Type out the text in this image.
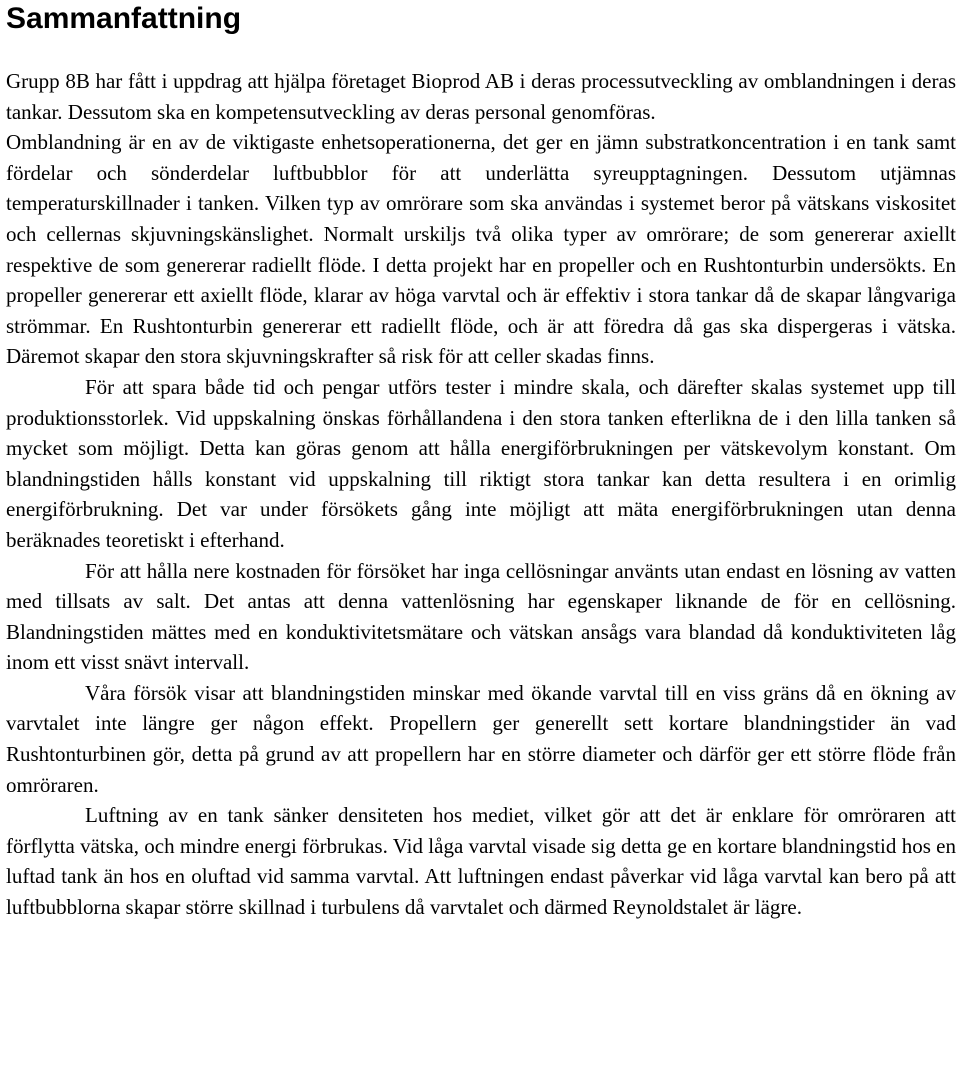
Sammanfattning

Grupp 8B har fått i uppdrag att hjälpa företaget Bioprod AB i deras processutveckling av omblandningen i deras tankar. Dessutom ska en kompetensutveckling av deras personal genomföras.

Omblandning är en av de viktigaste enhetsoperationerna, det ger en jämn substratkoncentration i en tank samt fördelar och sönderdelar luftbubblor för att underlätta syreupptagningen. Dessutom utjämnas temperaturskillnader i tanken. Vilken typ av omrörare som ska användas i systemet beror på vätskans viskositet och cellernas skjuvningskänslighet. Normalt urskiljs två olika typer av omrörare; de som genererar axiellt respektive de som genererar radiellt flöde. I detta projekt har en propeller och en Rushtonturbin undersökts. En propeller genererar ett axiellt flöde, klarar av höga varvtal och är effektiv i stora tankar då de skapar långvariga strömmar. En Rushtonturbin genererar ett radiellt flöde, och är att föredra då gas ska dispergeras i vätska. Däremot skapar den stora skjuvningskrafter så risk för att celler skadas finns.

För att spara både tid och pengar utförs tester i mindre skala, och därefter skalas systemet upp till produktionsstorlek. Vid uppskalning önskas förhållandena i den stora tanken efterlikna de i den lilla tanken så mycket som möjligt. Detta kan göras genom att hålla energiförbrukningen per vätskevolym konstant. Om blandningstiden hålls konstant vid uppskalning till riktigt stora tankar kan detta resultera i en orimlig energiförbrukning. Det var under försökets gång inte möjligt att mäta energiförbrukningen utan denna beräknades teoretiskt i efterhand.

För att hålla nere kostnaden för försöket har inga cellösningar använts utan endast en lösning av vatten med tillsats av salt. Det antas att denna vattenlösning har egenskaper liknande de för en cellösning. Blandningstiden mättes med en konduktivitetsmätare och vätskan ansågs vara blandad då konduktiviteten låg inom ett visst snävt intervall.

Våra försök visar att blandningstiden minskar med ökande varvtal till en viss gräns då en ökning av varvtalet inte längre ger någon effekt. Propellern ger generellt sett kortare blandningstider än vad Rushtonturbinen gör, detta på grund av att propellern har en större diameter och därför ger ett större flöde från omröraren.

Luftning av en tank sänker densiteten hos mediet, vilket gör att det är enklare för omröraren att förflytta vätska, och mindre energi förbrukas. Vid låga varvtal visade sig detta ge en kortare blandningstid hos en luftad tank än hos en oluftad vid samma varvtal. Att luftningen endast påverkar vid låga varvtal kan bero på att luftbubblorna skapar större skillnad i turbulens då varvtalet och därmed Reynoldstalet är lägre.
